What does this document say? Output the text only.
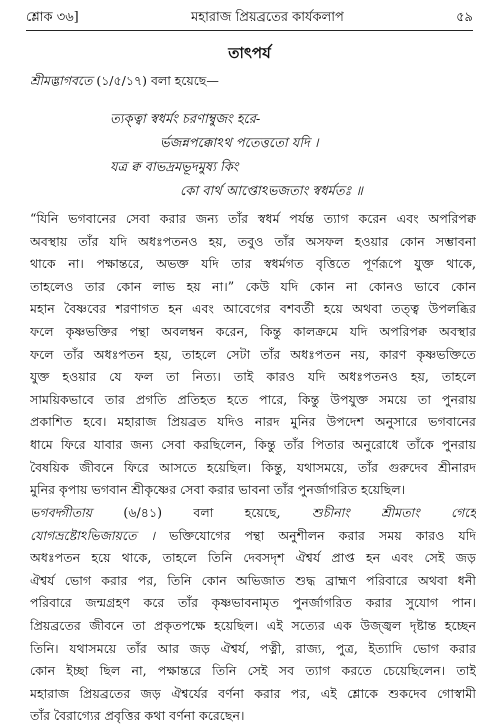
শ্লোক ৩৬]	মহারাজ প্রিয়ব্রতের কার্যকলাপ	৫৯
তাৎপর্য
শ্রীমদ্ভাগবতে (১/৫/১৭) বলা হয়েছে—
ত্যক্ত্বা স্বধর্মং চরণাম্বুজং হরে-
র্ভজন্নপক্কোঽথ পতেত্ততো যদি ।
যত্র ক্ব বাভদ্রমভূদমুষ্য কিং
কো বার্থ আপ্তোঽভজতাং স্বধর্মতঃ ॥
“যিনি ভগবানের সেবা করার জন্য তাঁর স্বধর্ম পর্যন্ত ত্যাগ করেন এবং অপরিপক্ব
অবস্থায় তাঁর যদি অধঃপতনও হয়, তবুও তাঁর অসফল হওয়ার কোন সম্ভাবনা
থাকে না। পক্ষান্তরে, অভক্ত যদি তার স্বধর্মগত বৃত্তিতে পূর্ণরূপে যুক্ত থাকে,
তাহলেও তার কোন লাভ হয় না।” কেউ যদি কোন না কোনও ভাবে কোন
মহান বৈষ্ণবের শরণাগত হন এবং আবেগের বশবর্তী হয়ে অথবা তত্ত্ব উপলব্ধির
ফলে কৃষ্ণভক্তির পন্থা অবলম্বন করেন, কিন্তু কালক্রমে যদি অপরিপক্ব অবস্থার
ফলে তাঁর অধঃপতন হয়, তাহলে সেটা তাঁর অধঃপতন নয়, কারণ কৃষ্ণভক্তিতে
যুক্ত হওয়ার যে ফল তা নিত্য। তাই কারও যদি অধঃপতনও হয়, তাহলে
সাময়িকভাবে তার প্রগতি প্রতিহত হতে পারে, কিন্তু উপযুক্ত সময়ে তা পুনরায়
প্রকাশিত হবে। মহারাজ প্রিয়ব্রত যদিও নারদ মুনির উপদেশ অনুসারে ভগবানের
ধামে ফিরে যাবার জন্য সেবা করছিলেন, কিন্তু তাঁর পিতার অনুরোধে তাঁকে পুনরায়
বৈষয়িক জীবনে ফিরে আসতে হয়েছিল। কিন্তু, যথাসময়ে, তাঁর গুরুদেব শ্রীনারদ
মুনির কৃপায় ভগবান শ্রীকৃষ্ণের সেবা করার ভাবনা তাঁর পুনর্জাগরিত হয়েছিল।
ভগবদ্গীতায় (৬/৪১) বলা হয়েছে, শুচীনাং শ্রীমতাং গেহে
যোগভ্রষ্টোঽভিজায়তে । ভক্তিযোগের পন্থা অনুশীলন করার সময় কারও যদি
অধঃপতন হয়ে থাকে, তাহলে তিনি দেবসদৃশ ঐশ্বর্য প্রাপ্ত হন এবং সেই জড়
ঐশ্বর্য ভোগ করার পর, তিনি কোন অভিজাত শুদ্ধ ব্রাহ্মণ পরিবারে অথবা ধনী
পরিবারে জন্মগ্রহণ করে তাঁর কৃষ্ণভাবনামৃত পুনর্জাগরিত করার সুযোগ পান।
প্রিয়ব্রতের জীবনে তা প্রকৃতপক্ষে হয়েছিল। এই সত্যের এক উজ্জ্বল দৃষ্টান্ত হচ্ছেন
তিনি। যথাসময়ে তাঁর আর জড় ঐশ্বর্য, পত্নী, রাজ্য, পুত্র, ইত্যাদি ভোগ করার
কোন ইচ্ছা ছিল না, পক্ষান্তরে তিনি সেই সব ত্যাগ করতে চেয়েছিলেন। তাই
মহারাজ প্রিয়ব্রতের জড় ঐশ্বর্যের বর্ণনা করার পর, এই শ্লোকে শুকদেব গোস্বামী
তাঁর বৈরাগ্যের প্রবৃত্তির কথা বর্ণনা করেছেন।
